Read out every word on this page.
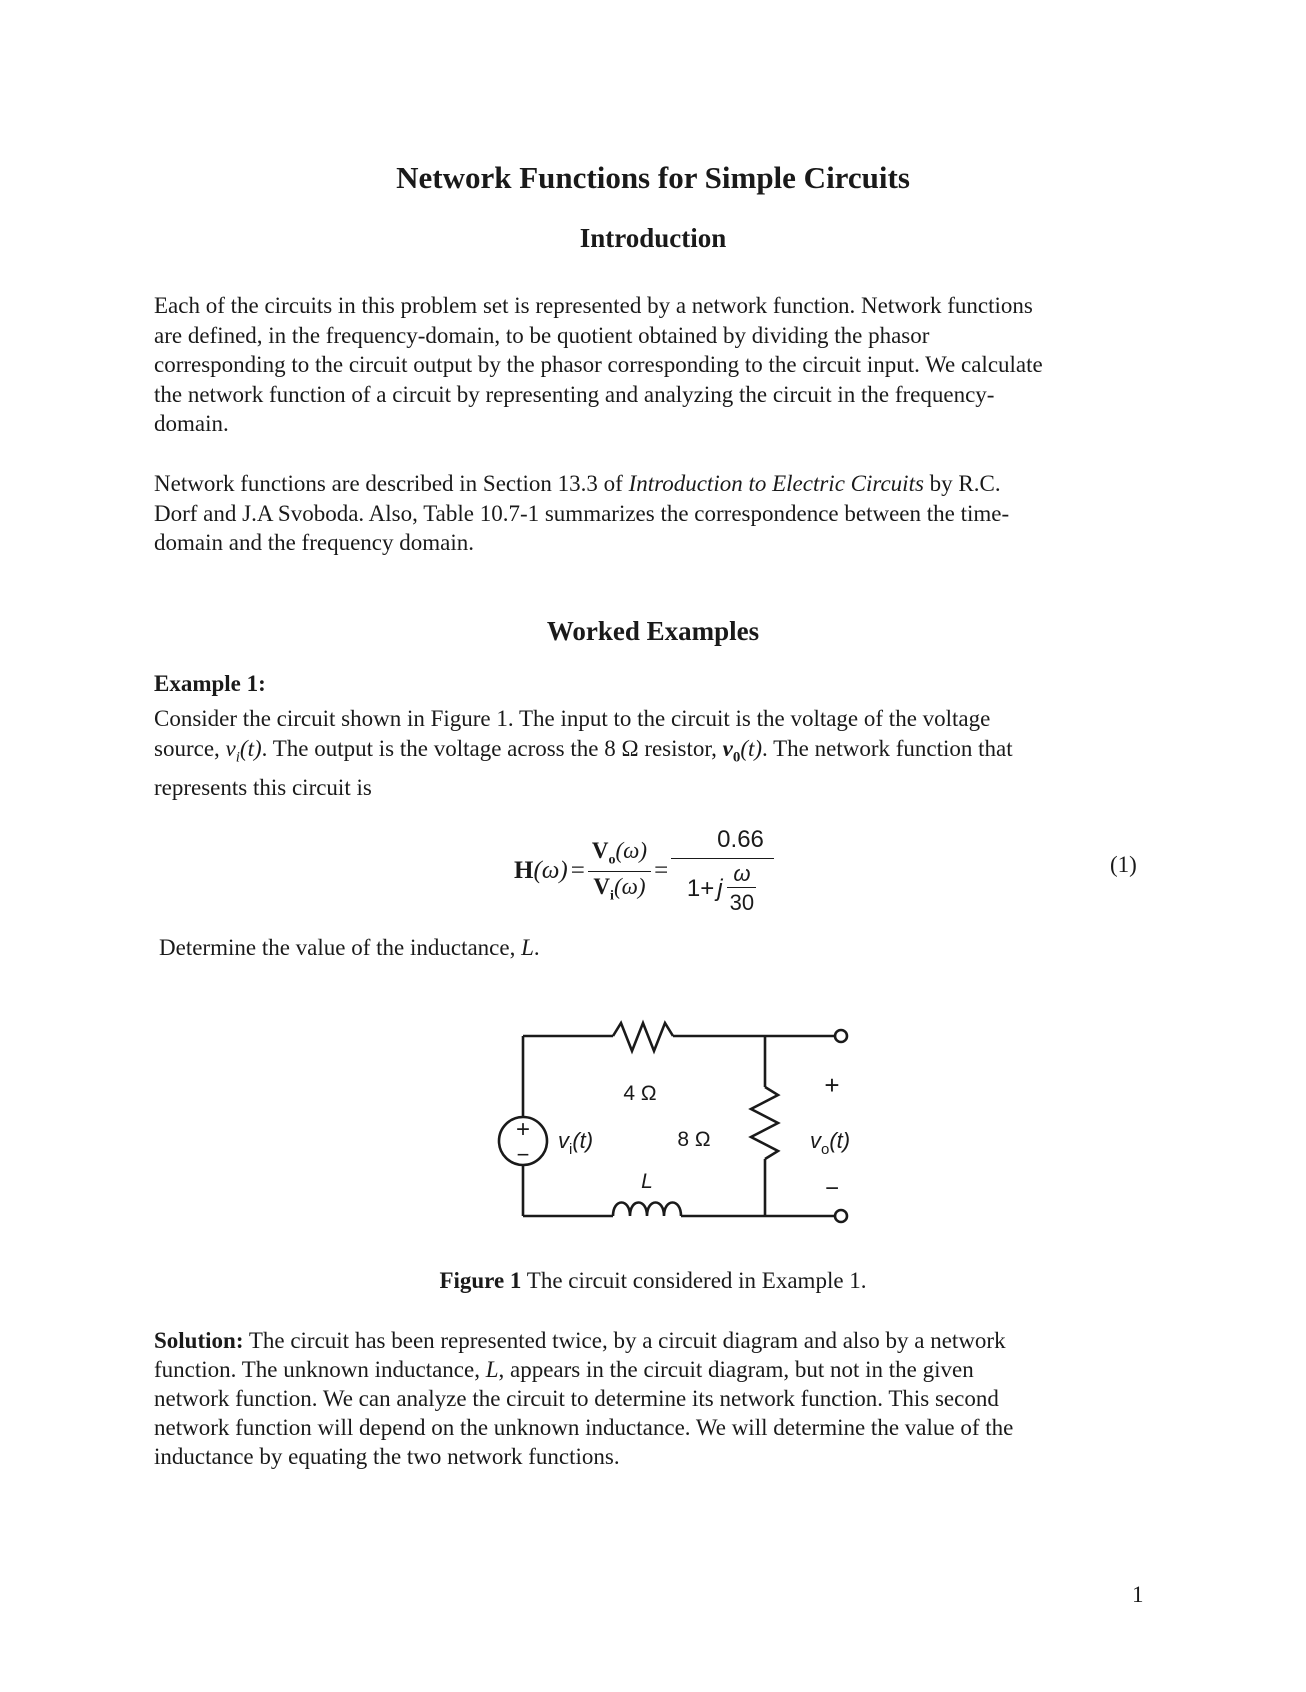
Network Functions for Simple Circuits
Introduction

Each of the circuits in this problem set is represented by a network function. Network functions

are defined, in the frequency-domain, to be quotient obtained by dividing the phasor

corresponding to the circuit output by the phasor corresponding to the circuit input. We calculate

the network function of a circuit by representing and analyzing the circuit in the frequency-

domain.

Network functions are described in Section 13.3 of Introduction to Electric Circuits by R.C.

Dorf and J.A Svoboda. Also, Table 10.7-1 summarizes the correspondence between the time-

domain and the frequency domain.

Worked Examples
Example 1:

Consider the circuit shown in Figure 1. The input to the circuit is the voltage of the voltage

source, $v_i(t)$. The output is the voltage across the 8 Ω resistor, $v_0(t)$. The network function that

represents this circuit is

H $(\omega) = \frac{V_o(\omega)}{V_i(\omega)} = \frac{0.66}{1+ j \frac{\omega}{30}}$	(1)
Determine the value of the inductance, L.
+
−
4 Ω
8 Ω
L
$v_i(t)$
+
$v_o(t)$
−
Figure 1 The circuit considered in Example 1.

Solution: The circuit has been represented twice, by a circuit diagram and also by a network

function. The unknown inductance, L, appears in the circuit diagram, but not in the given

network function. We can analyze the circuit to determine its network function. This second

network function will depend on the unknown inductance. We will determine the value of the

inductance by equating the two network functions.

1
